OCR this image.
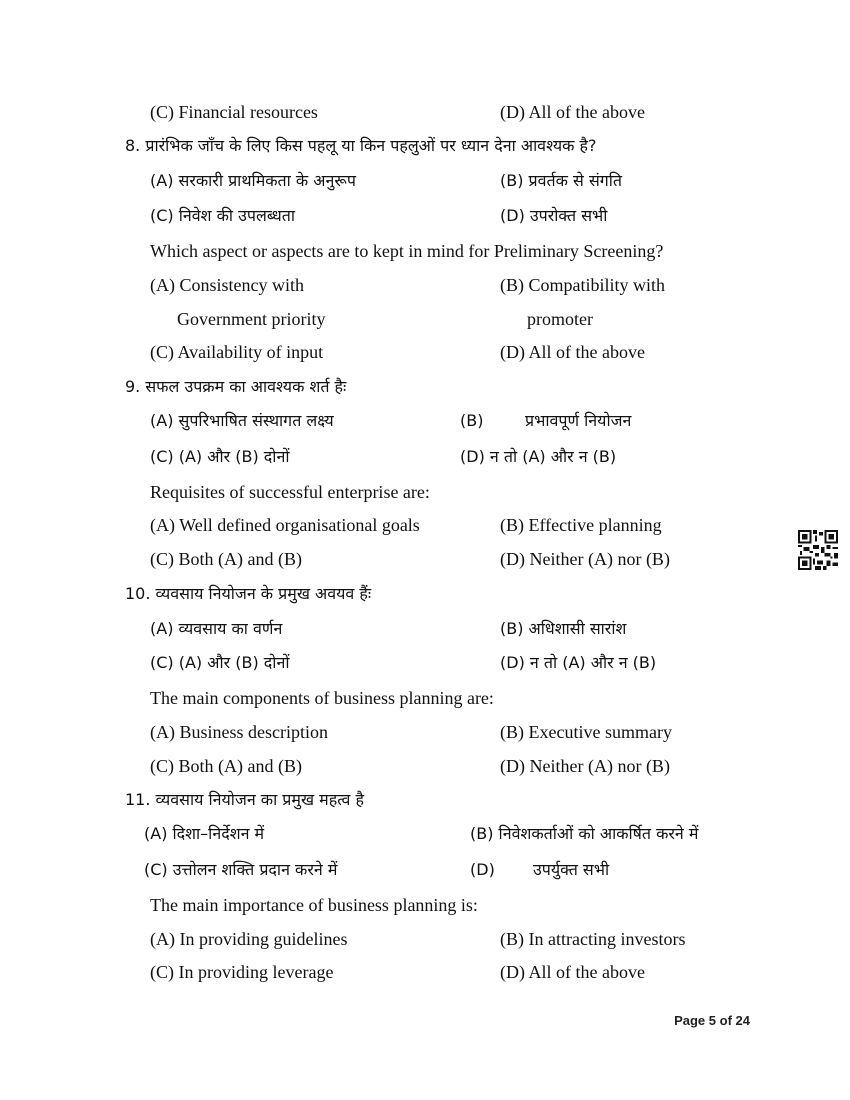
(C) Financial resources	(D) All of the above
8. प्रारंभिक जाँच के लिए किस पहलू या किन पहलुओं पर ध्यान देना आवश्यक है?
(A) सरकारी प्राथमिकता के अनुरूप	(B) प्रवर्तक से संगति
(C) निवेश की उपलब्धता	(D) उपरोक्त सभी
Which aspect or aspects are to kept in mind for Preliminary Screening?
(A) Consistency with	(B) Compatibility with
Government priority	promoter
(C) Availability of input	(D) All of the above
9. सफल उपक्रम का आवश्यक शर्त हैः
(A) सुपरिभाषित संस्थागत लक्ष्य	(B)	प्रभावपूर्ण नियोजन
(C) (A) और (B) दोनों	(D) न तो (A) और न (B)
Requisites of successful enterprise are:
(A) Well defined organisational goals	(B) Effective planning
(C) Both (A) and (B)	(D) Neither (A) nor (B)
10. व्यवसाय नियोजन के प्रमुख अवयव हैंः
(A) व्यवसाय का वर्णन	(B) अधिशासी सारांश
(C) (A) और (B) दोनों	(D) न तो (A) और न (B)
The main components of business planning are:
(A) Business description	(B) Executive summary
(C) Both (A) and (B)	(D) Neither (A) nor (B)
11. व्यवसाय नियोजन का प्रमुख महत्व है
(A) दिशा–निर्देशन में	(B) निवेशकर्ताओं को आकर्षित करने में
(C) उत्तोलन शक्ति प्रदान करने में	(D) उपर्युक्त सभी
The main importance of business planning is:
(A) In providing guidelines	(B) In attracting investors
(C) In providing leverage	(D) All of the above
Page 5 of 24
